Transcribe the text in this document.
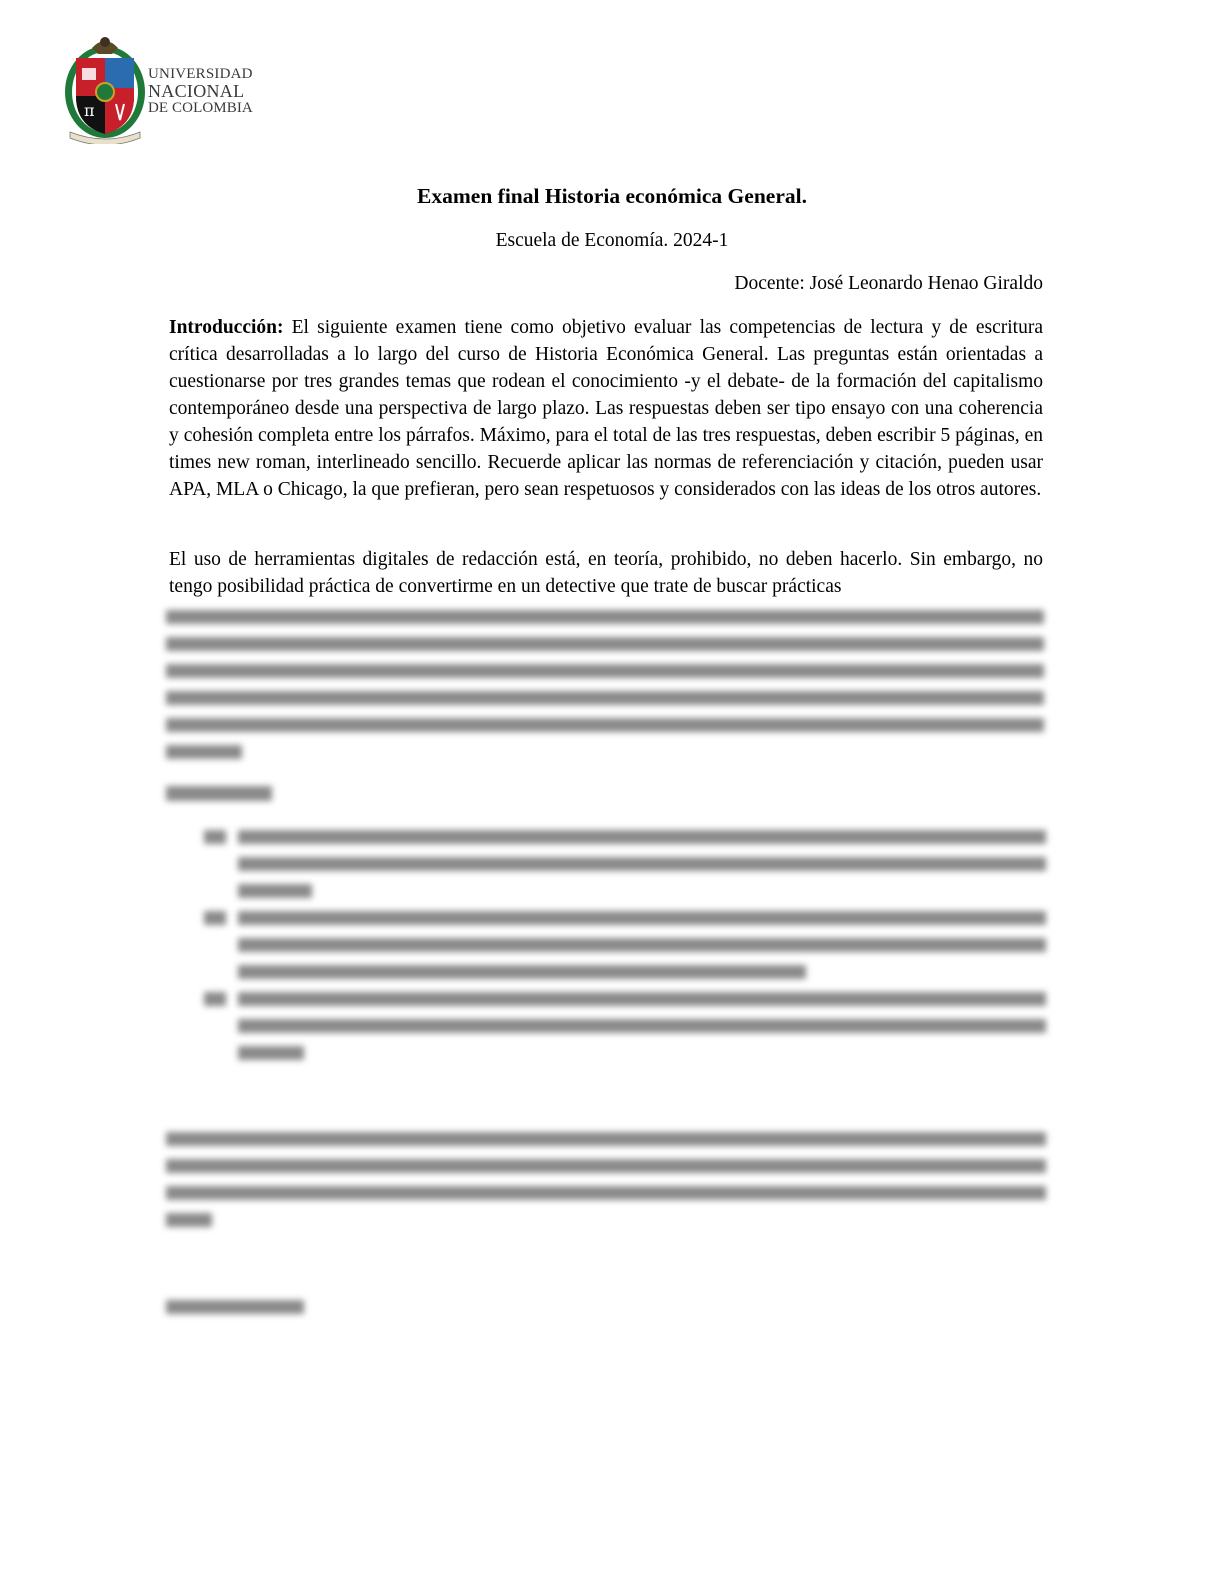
π
UNIVERSIDAD
NACIONAL
DE COLOMBIA
Examen final Historia económica General.
Escuela de Economía. 2024-1
Docente: José Leonardo Henao Giraldo

Introducción: El siguiente examen tiene como objetivo evaluar las competencias de lectura y de escritura crítica desarrolladas a lo largo del curso de Historia Económica General. Las preguntas están orientadas a cuestionarse por tres grandes temas que rodean el conocimiento -y el debate- de la formación del capitalismo contemporáneo desde una perspectiva de largo plazo. Las respuestas deben ser tipo ensayo con una coherencia y cohesión completa entre los párrafos. Máximo, para el total de las tres respuestas, deben escribir 5 páginas, en times new roman, interlineado sencillo. Recuerde aplicar las normas de referenciación y citación, pueden usar APA, MLA o Chicago, la que prefieran, pero sean respetuosos y considerados con las ideas de los otros autores.

El uso de herramientas digitales de redacción está, en teoría, prohibido, no deben hacerlo. Sin embargo, no tengo posibilidad práctica de convertirme en un detective que trate de buscar prácticas
